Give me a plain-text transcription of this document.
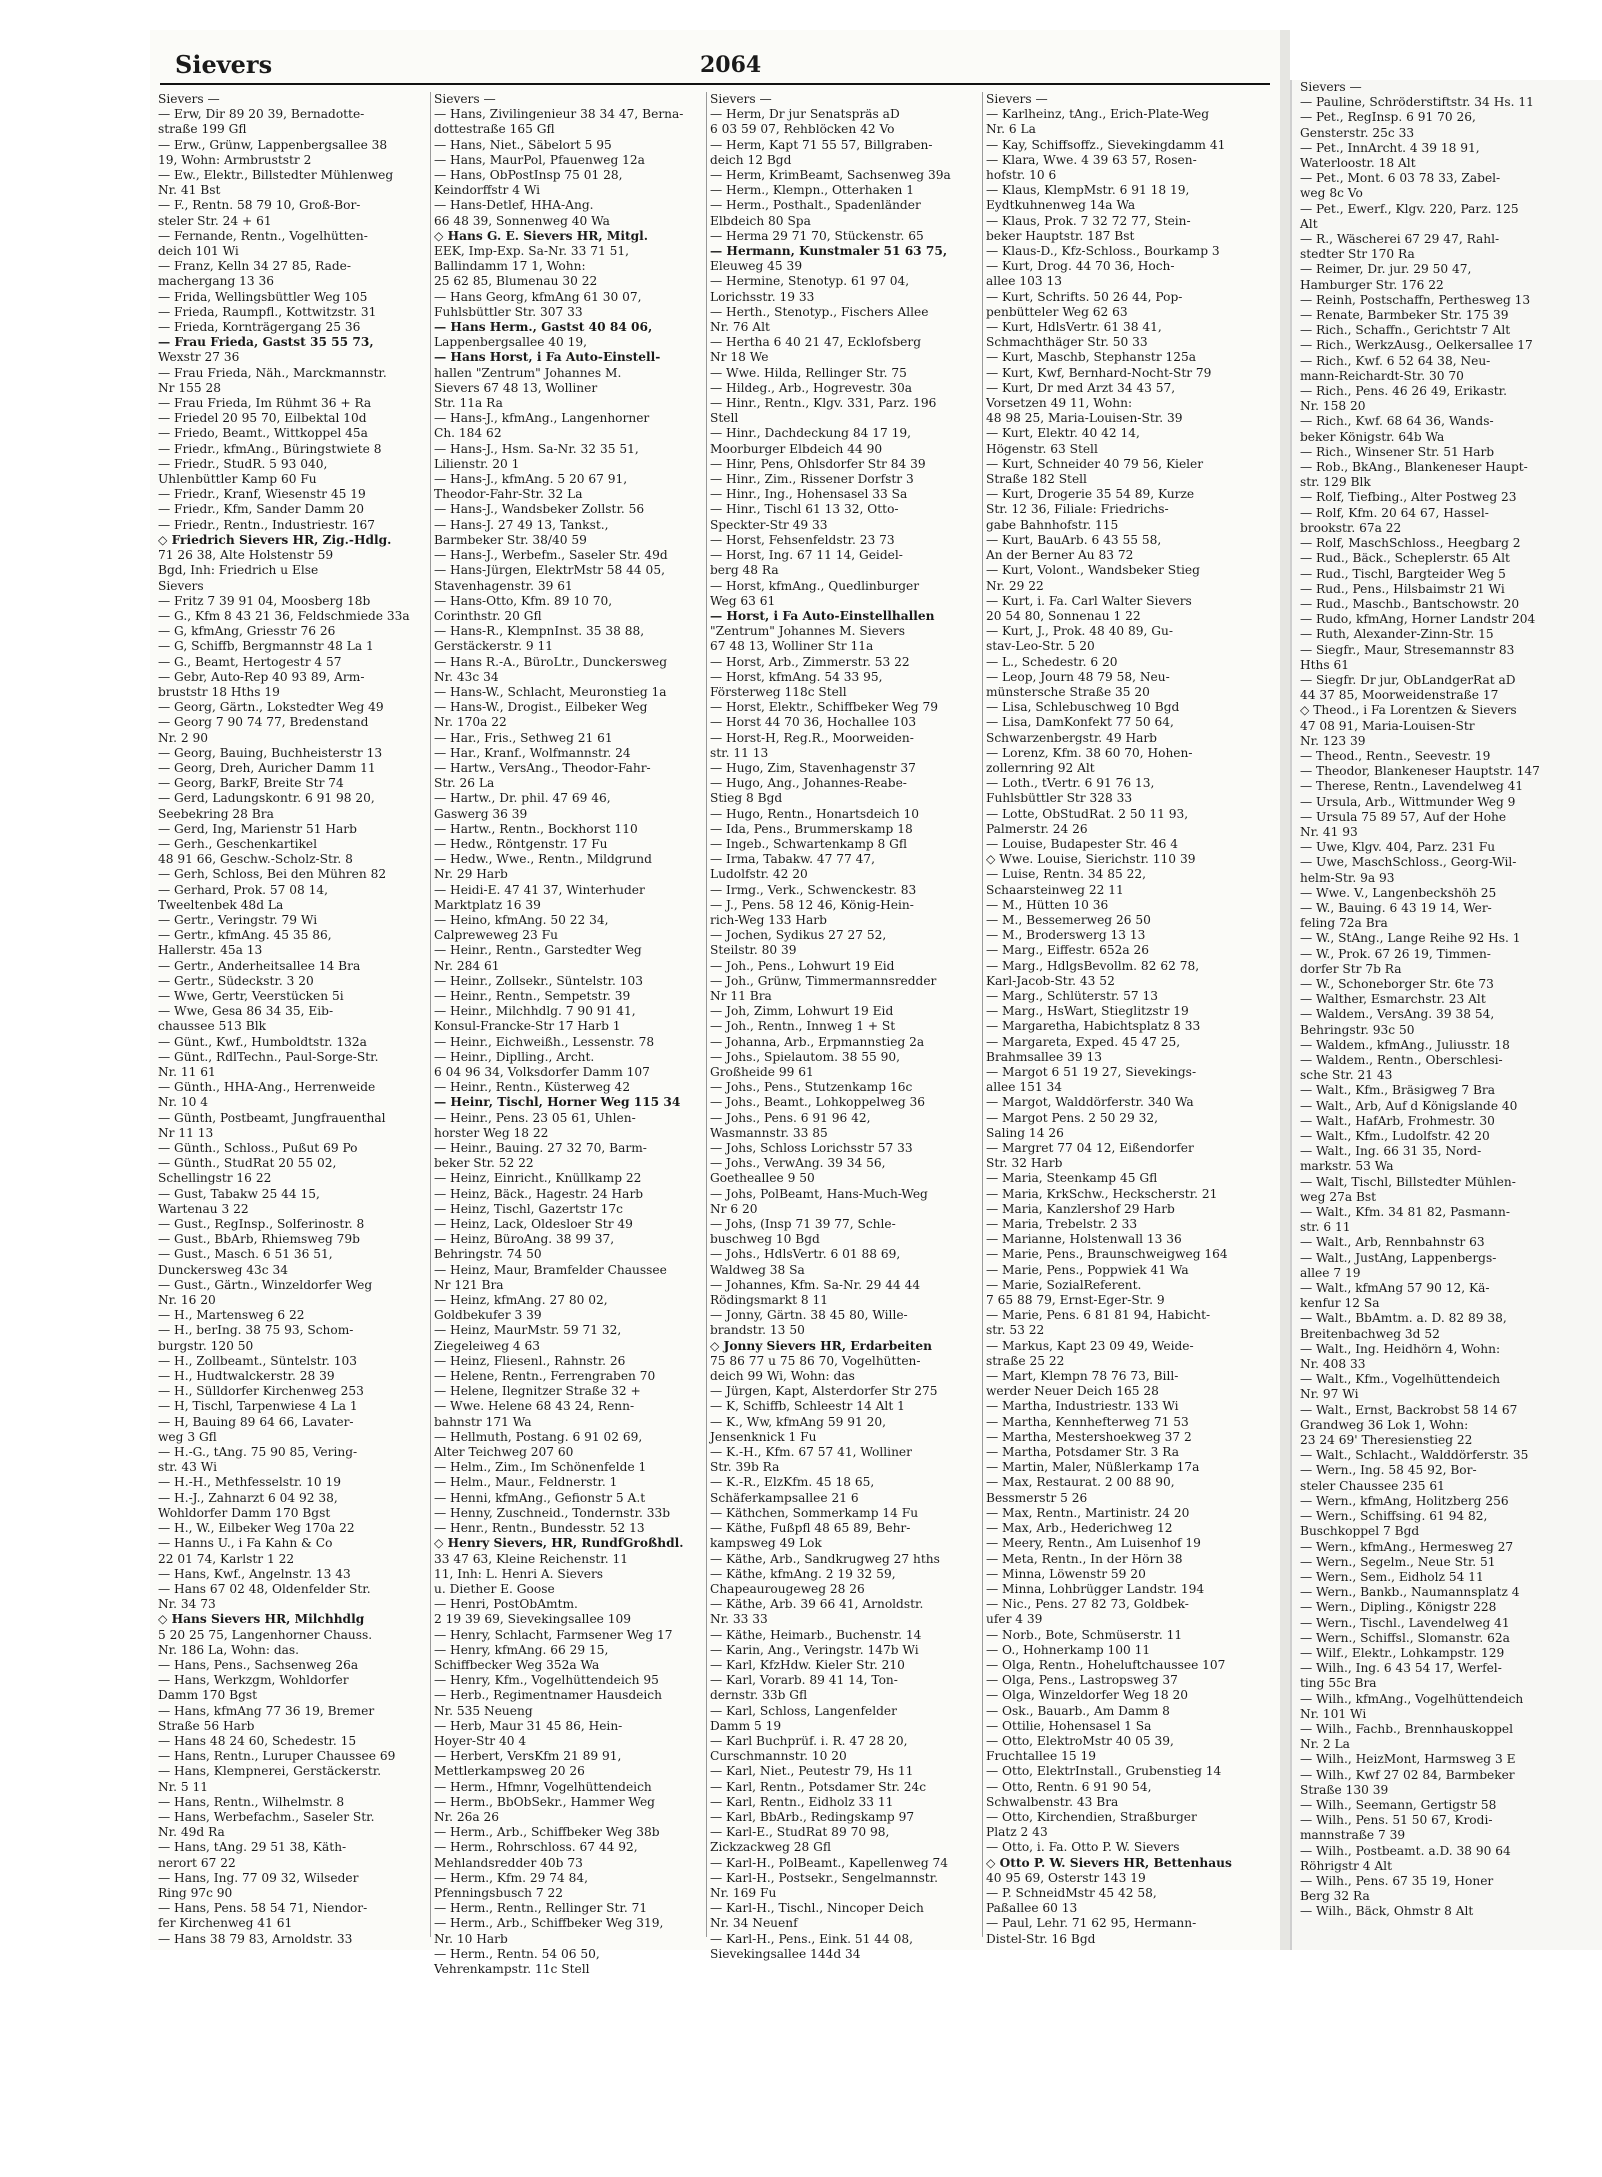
Sievers	2064
Sievers —
— Erw, Dir 89 20 39, Bernadotte-
straße 199 Gfl
— Erw., Grünw, Lappenbergsallee 38
19, Wohn: Armbruststr 2
— Ew., Elektr., Billstedter Mühlenweg
Nr. 41 Bst
— F., Rentn. 58 79 10, Groß-Bor-
steler Str. 24 + 61
— Fernande, Rentn., Vogelhütten-
deich 101 Wi
— Franz, Kelln 34 27 85, Rade-
machergang 13 36
— Frida, Wellingsbüttler Weg 105
— Frieda, Raumpfl., Kottwitzstr. 31
— Frieda, Kornträgergang 25 36
— Frau Frieda, Gastst 35 55 73,
Wexstr 27 36
— Frau Frieda, Näh., Marckmannstr.
Nr 155 28
— Frau Frieda, Im Rühmt 36 + Ra
— Friedel 20 95 70, Eilbektal 10d
— Friedo, Beamt., Wittkoppel 45a
— Friedr., kfmAng., Büringstwiete 8
— Friedr., StudR. 5 93 040,
Uhlenbüttler Kamp 60 Fu
— Friedr., Kranf, Wiesenstr 45 19
— Friedr., Kfm, Sander Damm 20
— Friedr., Rentn., Industriestr. 167
◇ Friedrich Sievers HR, Zig.-Hdlg.
71 26 38, Alte Holstenstr 59
Bgd, Inh: Friedrich u Else
Sievers
— Fritz 7 39 91 04, Moosberg 18b
— G., Kfm 8 43 21 36, Feldschmiede 33a
— G, kfmAng, Griesstr 76 26
— G, Schiffb, Bergmannstr 48 La 1
— G., Beamt, Hertogestr 4 57
— Gebr, Auto-Rep 40 93 89, Arm-
bruststr 18 Hths 19
— Georg, Gärtn., Lokstedter Weg 49
— Georg 7 90 74 77, Bredenstand
Nr. 2 90
— Georg, Bauing, Buchheisterstr 13
— Georg, Dreh, Auricher Damm 11
— Georg, BarkF, Breite Str 74
— Gerd, Ladungskontr. 6 91 98 20,
Seebekring 28 Bra
— Gerd, Ing, Marienstr 51 Harb
— Gerh., Geschenkartikel
48 91 66, Geschw.-Scholz-Str. 8
— Gerh, Schloss, Bei den Mühren 82
— Gerhard, Prok. 57 08 14,
Tweeltenbek 48d La
— Gertr., Veringstr. 79 Wi
— Gertr., kfmAng. 45 35 86,
Hallerstr. 45a 13
— Gertr., Anderheitsallee 14 Bra
— Gertr., Südeckstr. 3 20
— Wwe, Gertr, Veerstücken 5i
— Wwe, Gesa 86 34 35, Eib-
chaussee 513 Blk
— Günt., Kwf., Humboldtstr. 132a
— Günt., RdlTechn., Paul-Sorge-Str.
Nr. 11 61
— Günth., HHA-Ang., Herrenweide
Nr. 10 4
— Günth, Postbeamt, Jungfrauenthal
Nr 11 13
— Günth., Schloss., Pußut 69 Po
— Günth., StudRat 20 55 02,
Schellingstr 16 22
— Gust, Tabakw 25 44 15,
Wartenau 3 22
— Gust., RegInsp., Solferinostr. 8
— Gust., BbArb, Rhiemsweg 79b
— Gust., Masch. 6 51 36 51,
Dunckersweg 43c 34
— Gust., Gärtn., Winzeldorfer Weg
Nr. 16 20
— H., Martensweg 6 22
— H., berIng. 38 75 93, Schom-
burgstr. 120 50
— H., Zollbeamt., Süntelstr. 103
— H., Hudtwalckerstr. 28 39
— H., Sülldorfer Kirchenweg 253
— H, Tischl, Tarpenwiese 4 La 1
— H, Bauing 89 64 66, Lavater-
weg 3 Gfl
— H.-G., tAng. 75 90 85, Vering-
str. 43 Wi
— H.-H., Methfesselstr. 10 19
— H.-J., Zahnarzt 6 04 92 38,
Wohldorfer Damm 170 Bgst
— H., W., Eilbeker Weg 170a 22
— Hanns U., i Fa Kahn & Co
22 01 74, Karlstr 1 22
— Hans, Kwf., Angelnstr. 13 43
— Hans 67 02 48, Oldenfelder Str.
Nr. 34 73
◇ Hans Sievers HR, Milchhdlg
5 20 25 75, Langenhorner Chauss.
Nr. 186 La, Wohn: das.
— Hans, Pens., Sachsenweg 26a
— Hans, Werkzgm, Wohldorfer
Damm 170 Bgst
— Hans, kfmAng 77 36 19, Bremer
Straße 56 Harb
— Hans 48 24 60, Schedestr. 15
— Hans, Rentn., Luruper Chaussee 69
— Hans, Klempnerei, Gerstäckerstr.
Nr. 5 11
— Hans, Rentn., Wilhelmstr. 8
— Hans, Werbefachm., Saseler Str.
Nr. 49d Ra
— Hans, tAng. 29 51 38, Käth-
nerort 67 22
— Hans, Ing. 77 09 32, Wilseder
Ring 97c 90
— Hans, Pens. 58 54 71, Niendor-
fer Kirchenweg 41 61
— Hans 38 79 83, Arnoldstr. 33
Sievers —
— Hans, Zivilingenieur 38 34 47, Berna-
dottestraße 165 Gfl
— Hans, Niet., Säbelort 5 95
— Hans, MaurPol, Pfauenweg 12a
— Hans, ObPostInsp 75 01 28,
Keindorffstr 4 Wi
— Hans-Detlef, HHA-Ang.
66 48 39, Sonnenweg 40 Wa
◇ Hans G. E. Sievers HR, Mitgl.
EEK, Imp-Exp. Sa-Nr. 33 71 51,
Ballindamm 17 1, Wohn:
25 62 85, Blumenau 30 22
— Hans Georg, kfmAng 61 30 07,
Fuhlsbüttler Str. 307 33
— Hans Herm., Gastst 40 84 06,
Lappenbergsallee 40 19,
— Hans Horst, i Fa Auto-Einstell-
hallen "Zentrum" Johannes M.
Sievers 67 48 13, Wolliner
Str. 11a Ra
— Hans-J., kfmAng., Langenhorner
Ch. 184 62
— Hans-J., Hsm. Sa-Nr. 32 35 51,
Lilienstr. 20 1
— Hans-J., kfmAng. 5 20 67 91,
Theodor-Fahr-Str. 32 La
— Hans-J., Wandsbeker Zollstr. 56
— Hans-J. 27 49 13, Tankst.,
Barmbeker Str. 38/40 59
— Hans-J., Werbefm., Saseler Str. 49d
— Hans-Jürgen, ElektrMstr 58 44 05,
Stavenhagenstr. 39 61
— Hans-Otto, Kfm. 89 10 70,
Corinthstr. 20 Gfl
— Hans-R., KlempnInst. 35 38 88,
Gerstäckerstr. 9 11
— Hans R.-A., BüroLtr., Dunckersweg
Nr. 43c 34
— Hans-W., Schlacht, Meuronstieg 1a
— Hans-W., Drogist., Eilbeker Weg
Nr. 170a 22
— Har., Fris., Sethweg 21 61
— Har., Kranf., Wolfmannstr. 24
— Hartw., VersAng., Theodor-Fahr-
Str. 26 La
— Hartw., Dr. phil. 47 69 46,
Gaswerg 36 39
— Hartw., Rentn., Bockhorst 110
— Hedw., Röntgenstr. 17 Fu
— Hedw., Wwe., Rentn., Mildgrund
Nr. 29 Harb
— Heidi-E. 47 41 37, Winterhuder
Marktplatz 16 39
— Heino, kfmAng. 50 22 34,
Calpreweweg 23 Fu
— Heinr., Rentn., Garstedter Weg
Nr. 284 61
— Heinr., Zollsekr., Süntelstr. 103
— Heinr., Rentn., Sempetstr. 39
— Heinr., Milchhdlg. 7 90 91 41,
Konsul-Francke-Str 17 Harb 1
— Heinr., Eichweißh., Lessenstr. 78
— Heinr., Diplling., Archt.
6 04 96 34, Volksdorfer Damm 107
— Heinr., Rentn., Küsterweg 42
— Heinr, Tischl, Horner Weg 115 34
— Heinr., Pens. 23 05 61, Uhlen-
horster Weg 18 22
— Heinr., Bauing. 27 32 70, Barm-
beker Str. 52 22
— Heinz, Einricht., Knüllkamp 22
— Heinz, Bäck., Hagestr. 24 Harb
— Heinz, Tischl, Gazertstr 17c
— Heinz, Lack, Oldesloer Str 49
— Heinz, BüroAng. 38 99 37,
Behringstr. 74 50
— Heinz, Maur, Bramfelder Chaussee
Nr 121 Bra
— Heinz, kfmAng. 27 80 02,
Goldbekufer 3 39
— Heinz, MaurMstr. 59 71 32,
Ziegeleiweg 4 63
— Heinz, Fliesenl., Rahnstr. 26
— Helene, Rentn., Ferrengraben 70
— Helene, Ilegnitzer Straße 32 +
— Wwe. Helene 68 43 24, Renn-
bahnstr 171 Wa
— Hellmuth, Postang. 6 91 02 69,
Alter Teichweg 207 60
— Helm., Zim., Im Schönenfelde 1
— Helm., Maur., Feldnerstr. 1
— Henni, kfmAng., Gefionstr 5 A.t
— Henny, Zuschneid., Tondernstr. 33b
— Henr., Rentn., Bundesstr. 52 13
◇ Henry Sievers, HR, RundfGroßhdl.
33 47 63, Kleine Reichenstr. 11
11, Inh: L. Henri A. Sievers
u. Diether E. Goose
— Henri, PostObAmtm.
2 19 39 69, Sievekingsallee 109
— Henry, Schlacht, Farmsener Weg 17
— Henry, kfmAng. 66 29 15,
Schiffbecker Weg 352a Wa
— Henry, Kfm., Vogelhüttendeich 95
— Herb., Regimentnamer Hausdeich
Nr. 535 Neueng
— Herb, Maur 31 45 86, Hein-
Hoyer-Str 40 4
— Herbert, VersKfm 21 89 91,
Mettlerkampsweg 20 26
— Herm., Hfmnr, Vogelhüttendeich
— Herm., BbObSekr., Hammer Weg
Nr. 26a 26
— Herm., Arb., Schiffbeker Weg 38b
— Herm., Rohrschloss. 67 44 92,
Mehlandsredder 40b 73
— Herm., Kfm. 29 74 84,
Pfenningsbusch 7 22
— Herm., Rentn., Rellinger Str. 71
— Herm., Arb., Schiffbeker Weg 319,
Nr. 10 Harb
— Herm., Rentn. 54 06 50,
Vehrenkampstr. 11c Stell
Sievers —
— Herm, Dr jur Senatspräs aD
6 03 59 07, Rehblöcken 42 Vo
— Herm, Kapt 71 55 57, Billgraben-
deich 12 Bgd
— Herm, KrimBeamt, Sachsenweg 39a
— Herm., Klempn., Otterhaken 1
— Herm., Posthalt., Spadenländer
Elbdeich 80 Spa
— Herma 29 71 70, Stückenstr. 65
— Hermann, Kunstmaler 51 63 75,
Eleuweg 45 39
— Hermine, Stenotyp. 61 97 04,
Lorichsstr. 19 33
— Herth., Stenotyp., Fischers Allee
Nr. 76 Alt
— Hertha 6 40 21 47, Ecklofsberg
Nr 18 We
— Wwe. Hilda, Rellinger Str. 75
— Hildeg., Arb., Hogrevestr. 30a
— Hinr., Rentn., Klgv. 331, Parz. 196
Stell
— Hinr., Dachdeckung 84 17 19,
Moorburger Elbdeich 44 90
— Hinr, Pens, Ohlsdorfer Str 84 39
— Hinr., Zim., Rissener Dorfstr 3
— Hinr., Ing., Hohensasel 33 Sa
— Hinr., Tischl 61 13 32, Otto-
Speckter-Str 49 33
— Horst, Fehsenfeldstr. 23 73
— Horst, Ing. 67 11 14, Geidel-
berg 48 Ra
— Horst, kfmAng., Quedlinburger
Weg 63 61
— Horst, i Fa Auto-Einstellhallen
"Zentrum" Johannes M. Sievers
67 48 13, Wolliner Str 11a
— Horst, Arb., Zimmerstr. 53 22
— Horst, kfmAng. 54 33 95,
Försterweg 118c Stell
— Horst, Elektr., Schiffbeker Weg 79
— Horst 44 70 36, Hochallee 103
— Horst-H, Reg.R., Moorweiden-
str. 11 13
— Hugo, Zim, Stavenhagenstr 37
— Hugo, Ang., Johannes-Reabe-
Stieg 8 Bgd
— Hugo, Rentn., Honartsdeich 10
— Ida, Pens., Brummerskamp 18
— Ingeb., Schwartenkamp 8 Gfl
— Irma, Tabakw. 47 77 47,
Ludolfstr. 42 20
— Irmg., Verk., Schwenckestr. 83
— J., Pens. 58 12 46, König-Hein-
rich-Weg 133 Harb
— Jochen, Sydikus 27 27 52,
Steilstr. 80 39
— Joh., Pens., Lohwurt 19 Eid
— Joh., Grünw, Timmermannsredder
Nr 11 Bra
— Joh, Zimm, Lohwurt 19 Eid
— Joh., Rentn., Innweg 1 + St
— Johanna, Arb., Erpmannstieg 2a
— Johs., Spielautom. 38 55 90,
Großheide 99 61
— Johs., Pens., Stutzenkamp 16c
— Johs., Beamt., Lohkoppelweg 36
— Johs., Pens. 6 91 96 42,
Wasmannstr. 33 85
— Johs, Schloss Lorichsstr 57 33
— Johs., VerwAng. 39 34 56,
Goetheallee 9 50
— Johs, PolBeamt, Hans-Much-Weg
Nr 6 20
— Johs, (Insp 71 39 77, Schle-
buschweg 10 Bgd
— Johs., HdlsVertr. 6 01 88 69,
Waldweg 38 Sa
— Johannes, Kfm. Sa-Nr. 29 44 44
Rödingsmarkt 8 11
— Jonny, Gärtn. 38 45 80, Wille-
brandstr. 13 50
◇ Jonny Sievers HR, Erdarbeiten
75 86 77 u 75 86 70, Vogelhütten-
deich 99 Wi, Wohn: das
— Jürgen, Kapt, Alsterdorfer Str 275
— K, Schiffb, Schleestr 14 Alt 1
— K., Ww, kfmAng 59 91 20,
Jensenknick 1 Fu
— K.-H., Kfm. 67 57 41, Wolliner
Str. 39b Ra
— K.-R., ElzKfm. 45 18 65,
Schäferkampsallee 21 6
— Käthchen, Sommerkamp 14 Fu
— Käthe, Fußpfl 48 65 89, Behr-
kampsweg 49 Lok
— Käthe, Arb., Sandkrugweg 27 hths
— Käthe, kfmAng. 2 19 32 59,
Chapeaurougeweg 28 26
— Käthe, Arb. 39 66 41, Arnoldstr.
Nr. 33 33
— Käthe, Heimarb., Buchenstr. 14
— Karin, Ang., Veringstr. 147b Wi
— Karl, KfzHdw. Kieler Str. 210
— Karl, Vorarb. 89 41 14, Ton-
dernstr. 33b Gfl
— Karl, Schloss, Langenfelder
Damm 5 19
— Karl Buchprüf. i. R. 47 28 20,
Curschmannstr. 10 20
— Karl, Niet., Peutestr 79, Hs 11
— Karl, Rentn., Potsdamer Str. 24c
— Karl, Rentn., Eidholz 33 11
— Karl, BbArb., Redingskamp 97
— Karl-E., StudRat 89 70 98,
Zickzackweg 28 Gfl
— Karl-H., PolBeamt., Kapellenweg 74
— Karl-H., Postsekr., Sengelmannstr.
Nr. 169 Fu
— Karl-H., Tischl., Nincoper Deich
Nr. 34 Neuenf
— Karl-H., Pens., Eink. 51 44 08,
Sievekingsallee 144d 34
Sievers —
— Karlheinz, tAng., Erich-Plate-Weg
Nr. 6 La
— Kay, Schiffsoffz., Sievekingdamm 41
— Klara, Wwe. 4 39 63 57, Rosen-
hofstr. 10 6
— Klaus, KlempMstr. 6 91 18 19,
Eydtkuhnenweg 14a Wa
— Klaus, Prok. 7 32 72 77, Stein-
beker Hauptstr. 187 Bst
— Klaus-D., Kfz-Schloss., Bourkamp 3
— Kurt, Drog. 44 70 36, Hoch-
allee 103 13
— Kurt, Schrifts. 50 26 44, Pop-
penbütteler Weg 62 63
— Kurt, HdlsVertr. 61 38 41,
Schmachthäger Str. 50 33
— Kurt, Maschb, Stephanstr 125a
— Kurt, Kwf, Bernhard-Nocht-Str 79
— Kurt, Dr med Arzt 34 43 57,
Vorsetzen 49 11, Wohn:
48 98 25, Maria-Louisen-Str. 39
— Kurt, Elektr. 40 42 14,
Högenstr. 63 Stell
— Kurt, Schneider 40 79 56, Kieler
Straße 182 Stell
— Kurt, Drogerie 35 54 89, Kurze
Str. 12 36, Filiale: Friedrichs-
gabe Bahnhofstr. 115
— Kurt, BauArb. 6 43 55 58,
An der Berner Au 83 72
— Kurt, Volont., Wandsbeker Stieg
Nr. 29 22
— Kurt, i. Fa. Carl Walter Sievers
20 54 80, Sonnenau 1 22
— Kurt, J., Prok. 48 40 89, Gu-
stav-Leo-Str. 5 20
— L., Schedestr. 6 20
— Leop, Journ 48 79 58, Neu-
münstersche Straße 35 20
— Lisa, Schlebuschweg 10 Bgd
— Lisa, DamKonfekt 77 50 64,
Schwarzenbergstr. 49 Harb
— Lorenz, Kfm. 38 60 70, Hohen-
zollernring 92 Alt
— Loth., tVertr. 6 91 76 13,
Fuhlsbüttler Str 328 33
— Lotte, ObStudRat. 2 50 11 93,
Palmerstr. 24 26
— Louise, Budapester Str. 46 4
◇ Wwe. Louise, Sierichstr. 110 39
— Luise, Rentn. 34 85 22,
Schaarsteinweg 22 11
— M., Hütten 10 36
— M., Bessemerweg 26 50
— M., Broderswerg 13 13
— Marg., Eiffestr. 652a 26
— Marg., HdlgsBevollm. 82 62 78,
Karl-Jacob-Str. 43 52
— Marg., Schlüterstr. 57 13
— Marg., HsWart, Stieglitzstr 19
— Margaretha, Habichtsplatz 8 33
— Margareta, Exped. 45 47 25,
Brahmsallee 39 13
— Margot 6 51 19 27, Sievekings-
allee 151 34
— Margot, Walddörferstr. 340 Wa
— Margot Pens. 2 50 29 32,
Saling 14 26
— Margret 77 04 12, Eißendorfer
Str. 32 Harb
— Maria, Steenkamp 45 Gfl
— Maria, KrkSchw., Heckscherstr. 21
— Maria, Kanzlershof 29 Harb
— Maria, Trebelstr. 2 33
— Marianne, Holstenwall 13 36
— Marie, Pens., Braunschweigweg 164
— Marie, Pens., Poppwiek 41 Wa
— Marie, SozialReferent.
7 65 88 79, Ernst-Eger-Str. 9
— Marie, Pens. 6 81 81 94, Habicht-
str. 53 22
— Markus, Kapt 23 09 49, Weide-
straße 25 22
— Mart, Klempn 78 76 73, Bill-
werder Neuer Deich 165 28
— Martha, Industriestr. 133 Wi
— Martha, Kennhefterweg 71 53
— Martha, Mestershoekweg 37 2
— Martha, Potsdamer Str. 3 Ra
— Martin, Maler, Nüßlerkamp 17a
— Max, Restaurat. 2 00 88 90,
Bessmerstr 5 26
— Max, Rentn., Martinistr. 24 20
— Max, Arb., Hederichweg 12
— Meery, Rentn., Am Luisenhof 19
— Meta, Rentn., In der Hörn 38
— Minna, Löwenstr 59 20
— Minna, Lohbrügger Landstr. 194
— Nic., Pens. 27 82 73, Goldbek-
ufer 4 39
— Norb., Bote, Schmüserstr. 11
— O., Hohnerkamp 100 11
— Olga, Rentn., Hoheluftchaussee 107
— Olga, Pens., Lastropsweg 37
— Olga, Winzeldorfer Weg 18 20
— Osk., Bauarb., Am Damm 8
— Ottilie, Hohensasel 1 Sa
— Otto, ElektroMstr 40 05 39,
Fruchtallee 15 19
— Otto, ElektrInstall., Grubenstieg 14
— Otto, Rentn. 6 91 90 54,
Schwalbenstr. 43 Bra
— Otto, Kirchendien, Straßburger
Platz 2 43
— Otto, i. Fa. Otto P. W. Sievers
◇ Otto P. W. Sievers HR, Bettenhaus
40 95 69, Osterstr 143 19
— P. SchneidMstr 45 42 58,
Paßallee 60 13
— Paul, Lehr. 71 62 95, Hermann-
Distel-Str. 16 Bgd
Sievers —
— Pauline, Schröderstiftstr. 34 Hs. 11
— Pet., RegInsp. 6 91 70 26,
Gensterstr. 25c 33
— Pet., InnArcht. 4 39 18 91,
Waterloostr. 18 Alt
— Pet., Mont. 6 03 78 33, Zabel-
weg 8c Vo
— Pet., Ewerf., Klgv. 220, Parz. 125
Alt
— R., Wäscherei 67 29 47, Rahl-
stedter Str 170 Ra
— Reimer, Dr. jur. 29 50 47,
Hamburger Str. 176 22
— Reinh, Postschaffn, Perthesweg 13
— Renate, Barmbeker Str. 175 39
— Rich., Schaffn., Gerichtstr 7 Alt
— Rich., WerkzAusg., Oelkersallee 17
— Rich., Kwf. 6 52 64 38, Neu-
mann-Reichardt-Str. 30 70
— Rich., Pens. 46 26 49, Erikastr.
Nr. 158 20
— Rich., Kwf. 68 64 36, Wands-
beker Königstr. 64b Wa
— Rich., Winsener Str. 51 Harb
— Rob., BkAng., Blankeneser Haupt-
str. 129 Blk
— Rolf, Tiefbing., Alter Postweg 23
— Rolf, Kfm. 20 64 67, Hassel-
brookstr. 67a 22
— Rolf, MaschSchloss., Heegbarg 2
— Rud., Bäck., Scheplerstr. 65 Alt
— Rud., Tischl, Bargteider Weg 5
— Rud., Pens., Hilsbaimstr 21 Wi
— Rud., Maschb., Bantschowstr. 20
— Rudo, kfmAng, Horner Landstr 204
— Ruth, Alexander-Zinn-Str. 15
— Siegfr., Maur, Stresemannstr 83
Hths 61
— Siegfr. Dr jur, ObLandgerRat aD
44 37 85, Moorweidenstraße 17
◇ Theod., i Fa Lorentzen & Sievers
47 08 91, Maria-Louisen-Str
Nr. 123 39
— Theod., Rentn., Seevestr. 19
— Theodor, Blankeneser Hauptstr. 147
— Therese, Rentn., Lavendelweg 41
— Ursula, Arb., Wittmunder Weg 9
— Ursula 75 89 57, Auf der Hohe
Nr. 41 93
— Uwe, Klgv. 404, Parz. 231 Fu
— Uwe, MaschSchloss., Georg-Wil-
helm-Str. 9a 93
— Wwe. V., Langenbeckshöh 25
— W., Bauing. 6 43 19 14, Wer-
feling 72a Bra
— W., StAng., Lange Reihe 92 Hs. 1
— W., Prok. 67 26 19, Timmen-
dorfer Str 7b Ra
— W., Schoneborger Str. 6te 73
— Walther, Esmarchstr. 23 Alt
— Waldem., VersAng. 39 38 54,
Behringstr. 93c 50
— Waldem., kfmAng., Juliusstr. 18
— Waldem., Rentn., Oberschlesi-
sche Str. 21 43
— Walt., Kfm., Bräsigweg 7 Bra
— Walt., Arb, Auf d Königslande 40
— Walt., HafArb, Frohmestr. 30
— Walt., Kfm., Ludolfstr. 42 20
— Walt., Ing. 66 31 35, Nord-
markstr. 53 Wa
— Walt, Tischl, Billstedter Mühlen-
weg 27a Bst
— Walt., Kfm. 34 81 82, Pasmann-
str. 6 11
— Walt., Arb, Rennbahnstr 63
— Walt., JustAng, Lappenbergs-
allee 7 19
— Walt., kfmAng 57 90 12, Kä-
kenfur 12 Sa
— Walt., BbAmtm. a. D. 82 89 38,
Breitenbachweg 3d 52
— Walt., Ing. Heidhörn 4, Wohn:
Nr. 408 33
— Walt., Kfm., Vogelhüttendeich
Nr. 97 Wi
— Walt., Ernst, Backrobst 58 14 67
Grandweg 36 Lok 1, Wohn:
23 24 69' Theresienstieg 22
— Walt., Schlacht., Walddörferstr. 35
— Wern., Ing. 58 45 92, Bor-
steler Chaussee 235 61
— Wern., kfmAng, Holitzberg 256
— Wern., Schiffsing. 61 94 82,
Buschkoppel 7 Bgd
— Wern., kfmAng., Hermesweg 27
— Wern., Segelm., Neue Str. 51
— Wern., Sem., Eidholz 54 11
— Wern., Bankb., Naumannsplatz 4
— Wern., Dipling., Königstr 228
— Wern., Tischl., Lavendelweg 41
— Wern., Schiffsl., Slomanstr. 62a
— Wilf., Elektr., Lohkampstr. 129
— Wilh., Ing. 6 43 54 17, Werfel-
ting 55c Bra
— Wilh., kfmAng., Vogelhüttendeich
Nr. 101 Wi
— Wilh., Fachb., Brennhauskoppel
Nr. 2 La
— Wilh., HeizMont, Harmsweg 3 E
— Wilh., Kwf 27 02 84, Barmbeker
Straße 130 39
— Wilh., Seemann, Gertigstr 58
— Wilh., Pens. 51 50 67, Krodi-
mannstraße 7 39
— Wilh., Postbeamt. a.D. 38 90 64
Röhrigstr 4 Alt
— Wilh., Pens. 67 35 19, Honer
Berg 32 Ra
— Wilh., Bäck, Ohmstr 8 Alt
